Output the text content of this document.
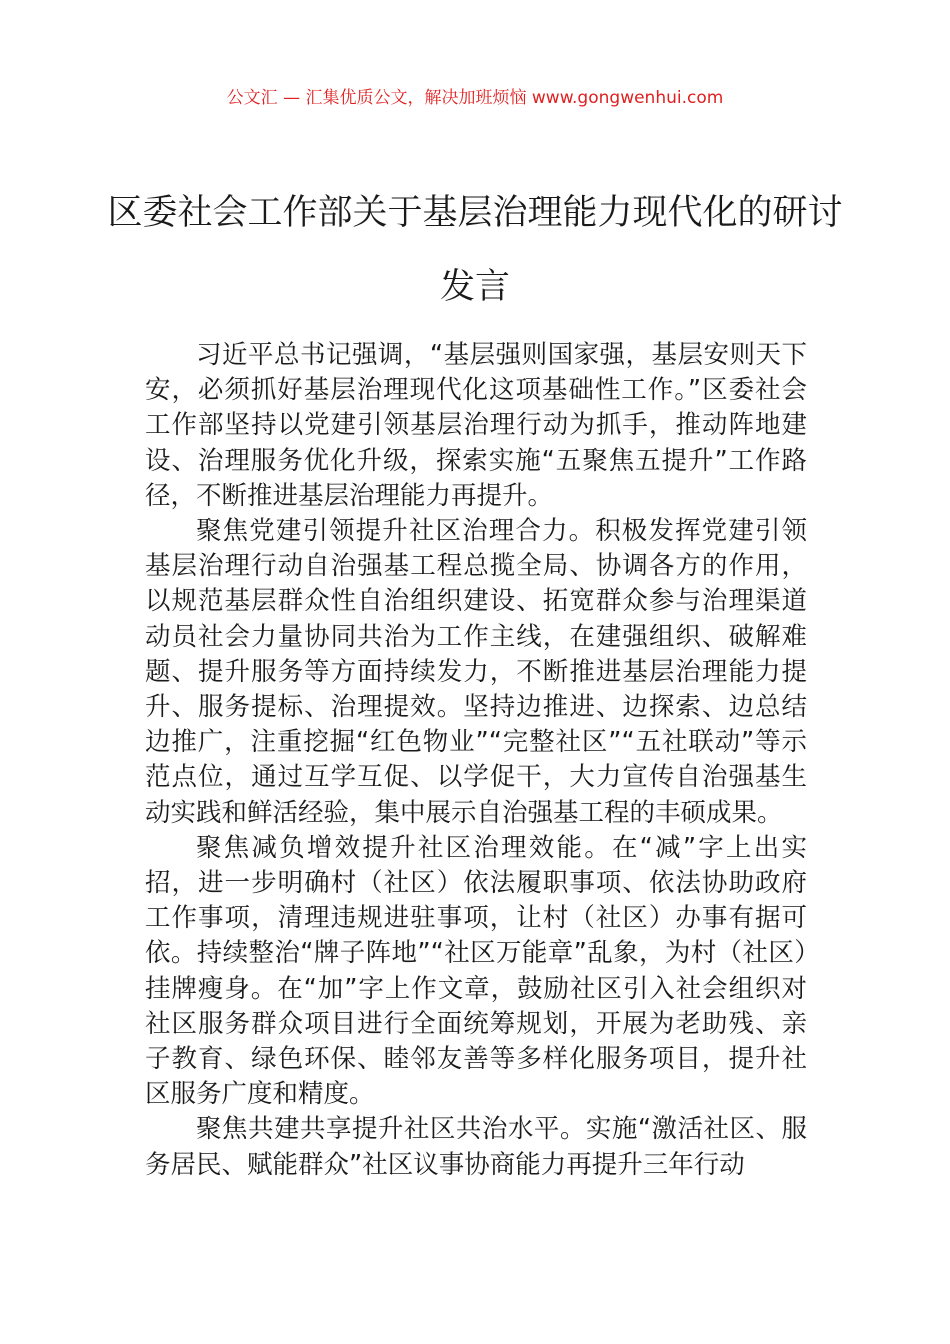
公文汇 — 汇集优质公文，解决加班烦恼 www.gongwenhui.com
区委社会工作部关于基层治理能力现代化的研讨发言

习近平总书记强调，“基层强则国家强，基层安则天下安，必须抓好基层治理现代化这项基础性工作。”区委社会工作部坚持以党建引领基层治理行动为抓手，推动阵地建设、治理服务优化升级，探索实施“五聚焦五提升”工作路径，不断推进基层治理能力再提升。

聚焦党建引领提升社区治理合力。积极发挥党建引领基层治理行动自治强基工程总揽全局、协调各方的作用，以规范基层群众性自治组织建设、拓宽群众参与治理渠道动员社会力量协同共治为工作主线，在建强组织、破解难题、提升服务等方面持续发力，不断推进基层治理能力提升、服务提标、治理提效。坚持边推进、边探索、边总结边推广，注重挖掘“红色物业”“完整社区”“五社联动”等示范点位，通过互学互促、以学促干，大力宣传自治强基生动实践和鲜活经验，集中展示自治强基工程的丰硕成果。

聚焦减负增效提升社区治理效能。在“减”字上出实招，进一步明确村（社区）依法履职事项、依法协助政府工作事项，清理违规进驻事项，让村（社区）办事有据可依。持续整治“牌子阵地”“社区万能章”乱象，为村（社区）挂牌瘦身。在“加”字上作文章，鼓励社区引入社会组织对社区服务群众项目进行全面统筹规划，开展为老助残、亲子教育、绿色环保、睦邻友善等多样化服务项目，提升社区服务广度和精度。

聚焦共建共享提升社区共治水平。实施“激活社区、服务居民、赋能群众”社区议事协商能力再提升三年行动
